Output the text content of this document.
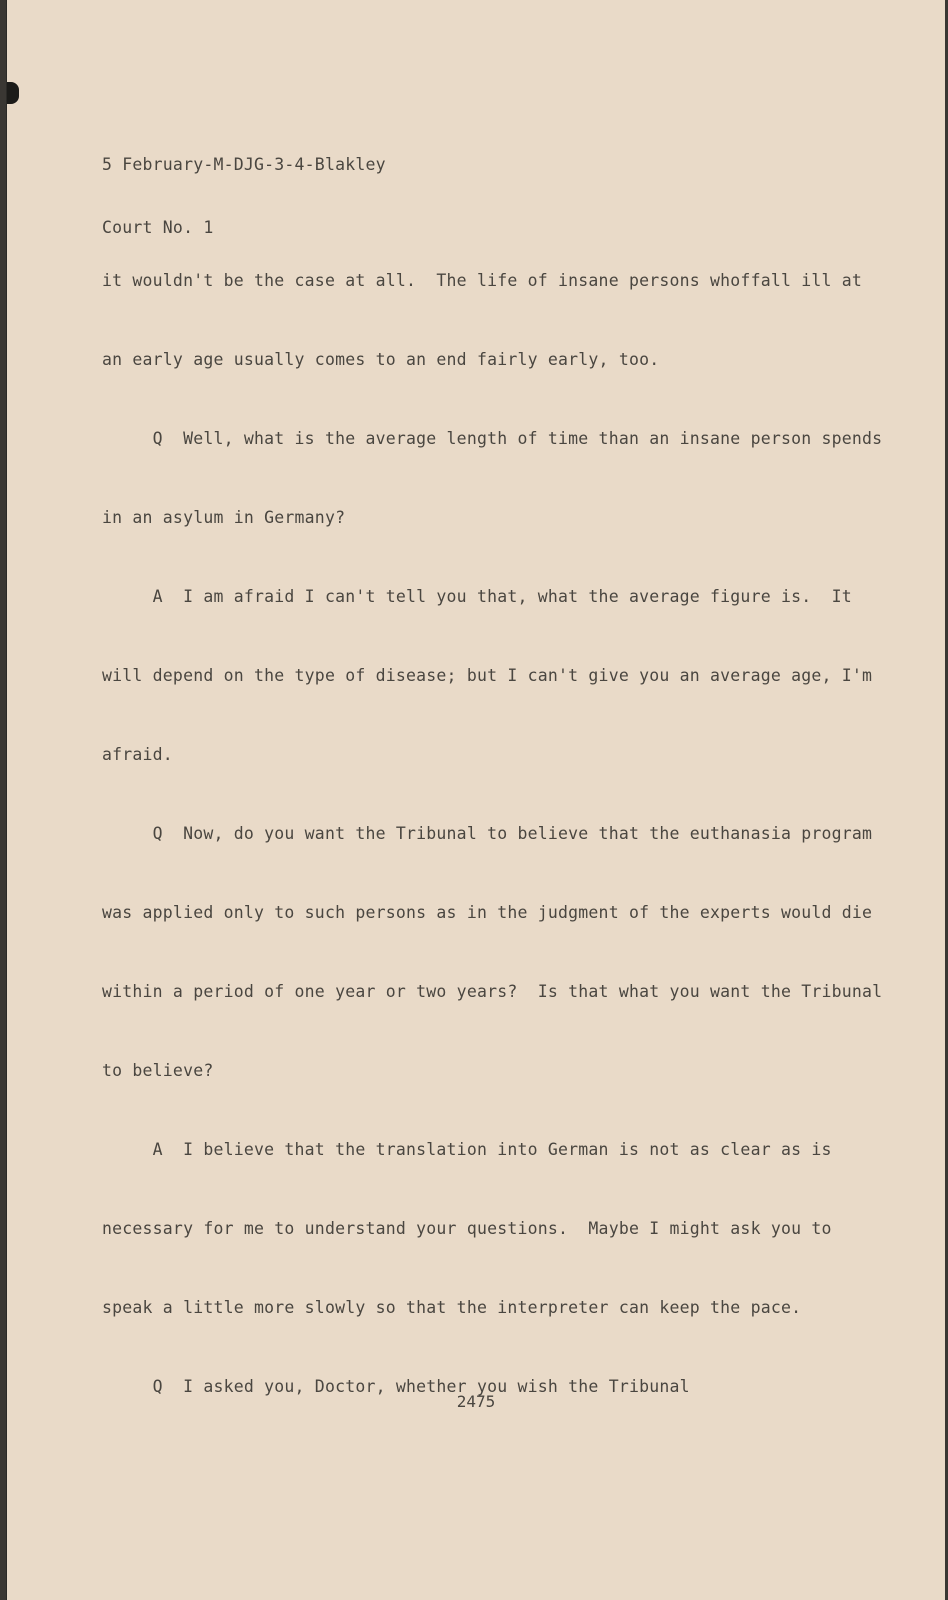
5 February-M-DJG-3-4-Blakley

Court No. 1

it wouldn't be the case at all.  The life of insane persons whoffall ill at

an early age usually comes to an end fairly early, too.

Q  Well, what is the average length of time than an insane person spends

in an asylum in Germany?

A  I am afraid I can't tell you that, what the average figure is.  It

will depend on the type of disease; but I can't give you an average age, I'm

afraid.

Q  Now, do you want the Tribunal to believe that the euthanasia program

was applied only to such persons as in the judgment of the experts would die

within a period of one year or two years?  Is that what you want the Tribunal

to believe?

A  I believe that the translation into German is not as clear as is

necessary for me to understand your questions.  Maybe I might ask you to

speak a little more slowly so that the interpreter can keep the pace.

Q  I asked you, Doctor, whether you wish the Tribunal

2475
